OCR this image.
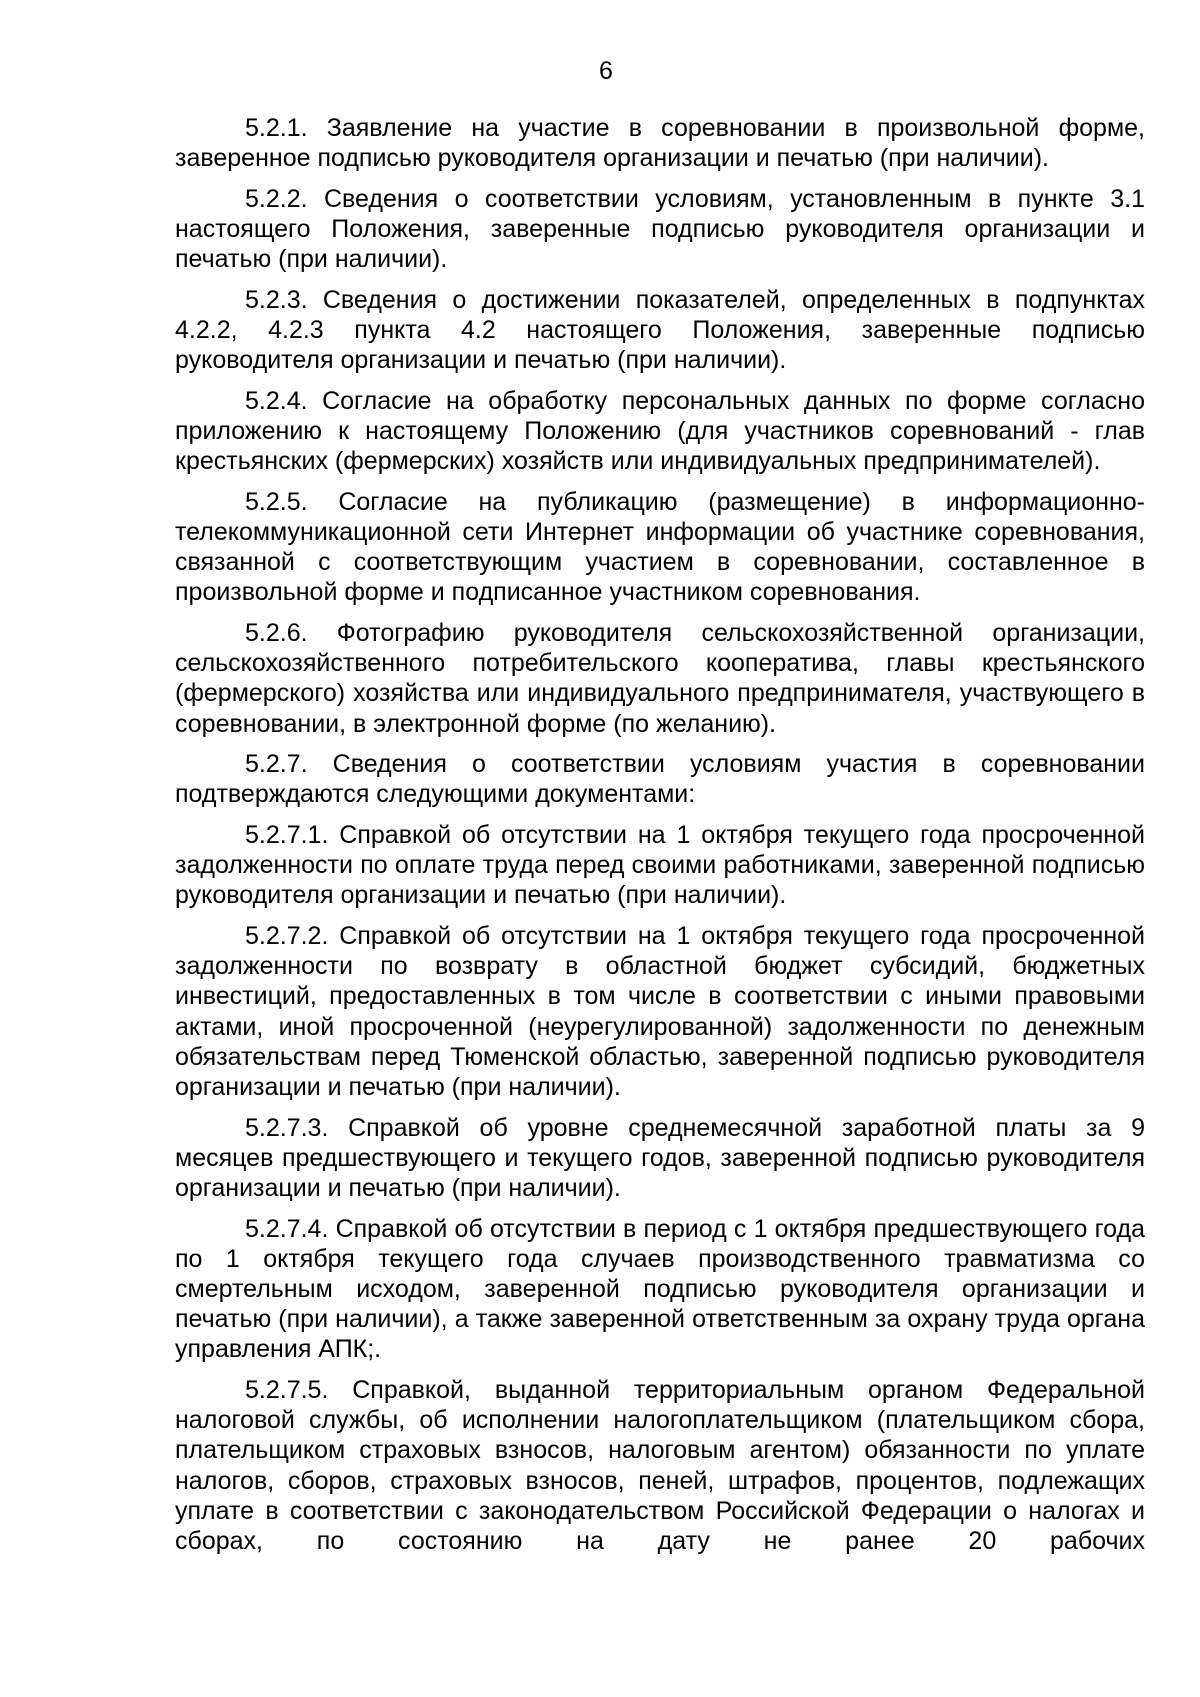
6

5.2.1. Заявление на участие в соревновании в произвольной форме, заверенное подписью руководителя организации и печатью (при наличии).

5.2.2. Сведения о соответствии условиям, установленным в пункте 3.1 настоящего Положения, заверенные подписью руководителя организации и печатью (при наличии).

5.2.3. Сведения о достижении показателей, определенных в подпунктах 4.2.2, 4.2.3 пункта 4.2 настоящего Положения, заверенные подписью руководителя организации и печатью (при наличии).

5.2.4. Согласие на обработку персональных данных по форме согласно приложению к настоящему Положению (для участников соревнований - глав крестьянских (фермерских) хозяйств или индивидуальных предпринимателей).

5.2.5. Согласие на публикацию (размещение) в информационно-телекоммуникационной сети Интернет информации об участнике соревнования, связанной с соответствующим участием в соревновании, составленное в произвольной форме и подписанное участником соревнования.

5.2.6. Фотографию руководителя сельскохозяйственной организации, сельскохозяйственного потребительского кооператива, главы крестьянского (фермерского) хозяйства или индивидуального предпринимателя, участвующего в соревновании, в электронной форме (по желанию).

5.2.7. Сведения о соответствии условиям участия в соревновании подтверждаются следующими документами:

5.2.7.1. Справкой об отсутствии на 1 октября текущего года просроченной задолженности по оплате труда перед своими работниками, заверенной подписью руководителя организации и печатью (при наличии).

5.2.7.2. Справкой об отсутствии на 1 октября текущего года просроченной задолженности по возврату в областной бюджет субсидий, бюджетных инвестиций, предоставленных в том числе в соответствии с иными правовыми актами, иной просроченной (неурегулированной) задолженности по денежным обязательствам перед Тюменской областью, заверенной подписью руководителя организации и печатью (при наличии).

5.2.7.3. Справкой об уровне среднемесячной заработной платы за 9 месяцев предшествующего и текущего годов, заверенной подписью руководителя организации и печатью (при наличии).

5.2.7.4. Справкой об отсутствии в период с 1 октября предшествующего года по 1 октября текущего года случаев производственного травматизма со смертельным исходом, заверенной подписью руководителя организации и печатью (при наличии), а также заверенной ответственным за охрану труда органа управления АПК;.

5.2.7.5. Справкой, выданной территориальным органом Федеральной налоговой службы, об исполнении налогоплательщиком (плательщиком сбора, плательщиком страховых взносов, налоговым агентом) обязанности по уплате налогов, сборов, страховых взносов, пеней, штрафов, процентов, подлежащих уплате в соответствии с законодательством Российской Федерации о налогах и сборах, по состоянию на дату не ранее 20 рабочих
